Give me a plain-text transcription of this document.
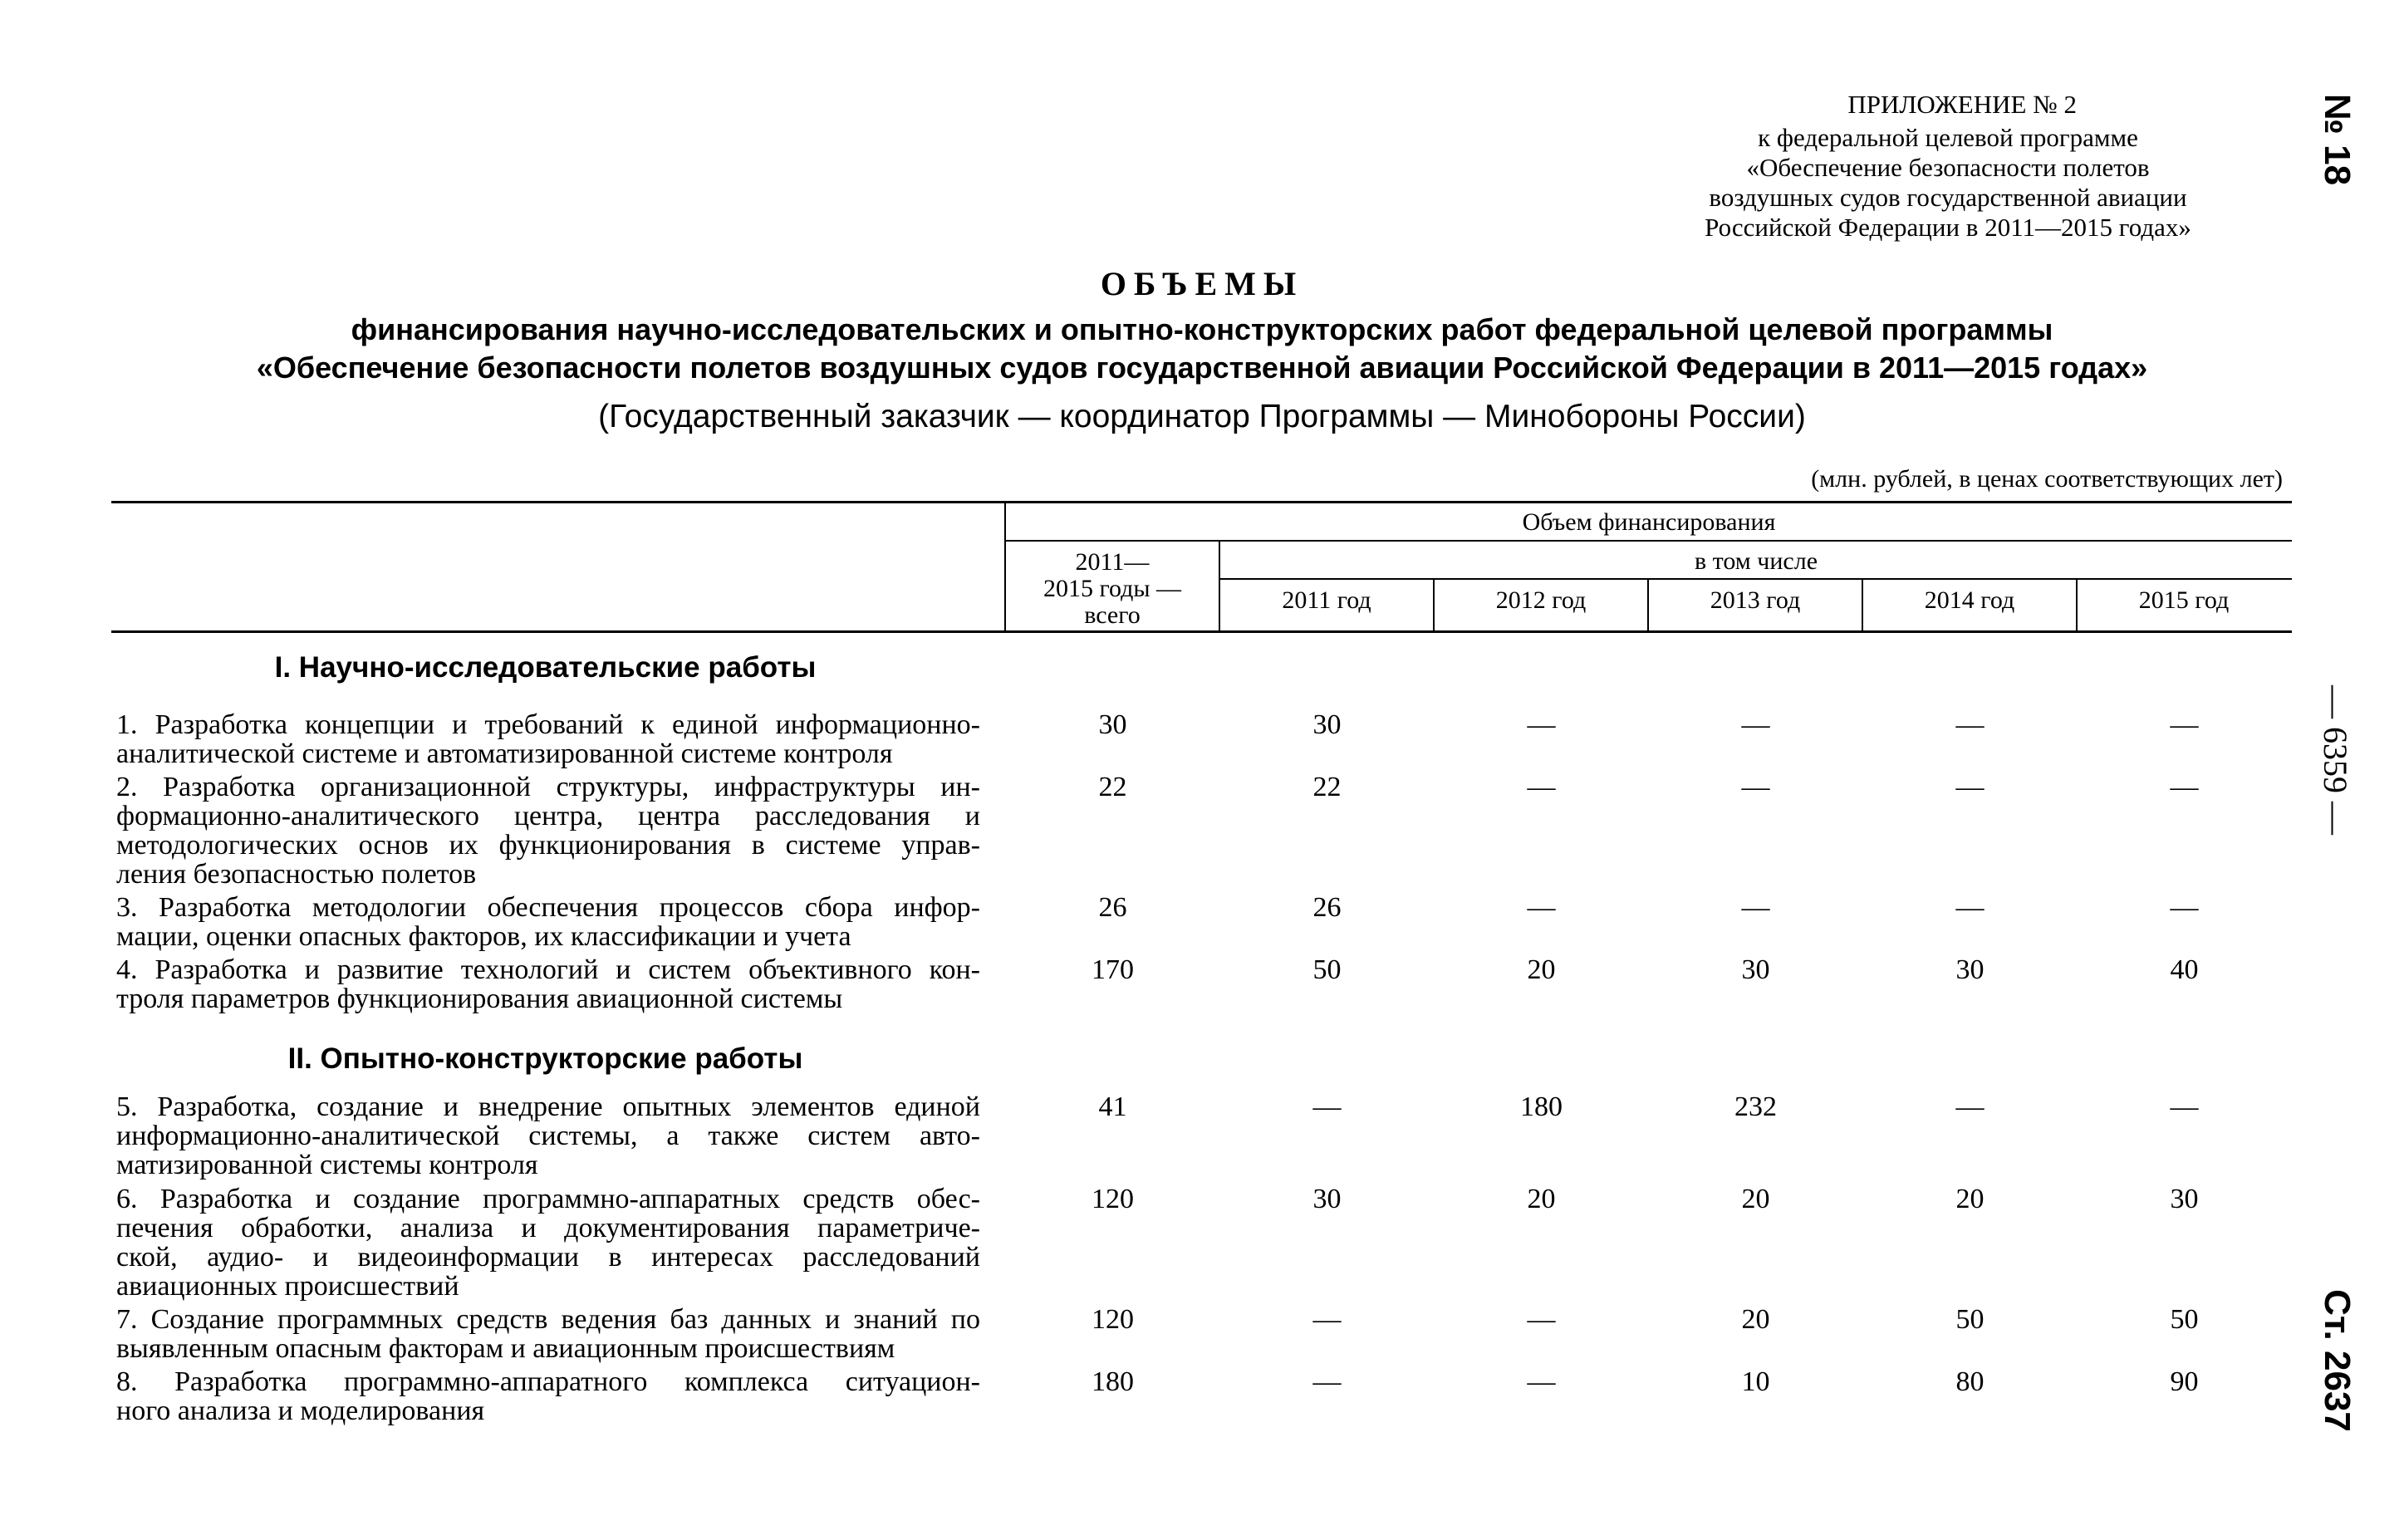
ПРИЛОЖЕНИЕ № 2
к федеральной целевой программе
«Обеспечение безопасности полетов
воздушных судов государственной авиации
Российской Федерации в 2011—2015 годах»
ОБЪЕМЫ
финансирования научно-исследовательских и опытно-конструкторских работ федеральной целевой программы
«Обеспечение безопасности полетов воздушных судов государственной авиации Российской Федерации в 2011—2015 годах»
(Государственный заказчик — координатор Программы — Минобороны России)
(млн. рублей, в ценах соответствующих лет)
Объем финансирования
2011—
2015 годы —
всего
в том числе
2011 год	2012 год	2013 год	2014 год	2015 год
I. Научно-исследовательские работы
1. Разработка концепции и требований к единой информационно-
аналитической системе и автоматизированной системе контроля
30	30	—	—	—	—
2. Разработка организационной структуры, инфраструктуры ин-
формационно-аналитического центра, центра расследования и
методологических основ их функционирования в системе управ-
ления безопасностью полетов
22	22	—	—	—	—
3. Разработка методологии обеспечения процессов сбора инфор-
мации, оценки опасных факторов, их классификации и учета
26	26	—	—	—	—
4. Разработка и развитие технологий и систем объективного кон-
троля параметров функционирования авиационной системы
170	50	20	30	30	40
II. Опытно-конструкторские работы
5. Разработка, создание и внедрение опытных элементов единой
информационно-аналитической системы, а также систем авто-
матизированной системы контроля
41	—	180	232	—	—
6. Разработка и создание программно-аппаратных средств обес-
печения обработки, анализа и документирования параметриче-
ской, аудио- и видеоинформации в интересах расследований
авиационных происшествий
120	30	20	20	20	30
7. Создание программных средств ведения баз данных и знаний по
выявленным опасным факторам и авиационным происшествиям
120	—	—	20	50	50
8. Разработка программно-аппаратного комплекса ситуацион-
ного анализа и моделирования
180	—	—	10	80	90
№ 18
— 6359 —
Ст. 2637
